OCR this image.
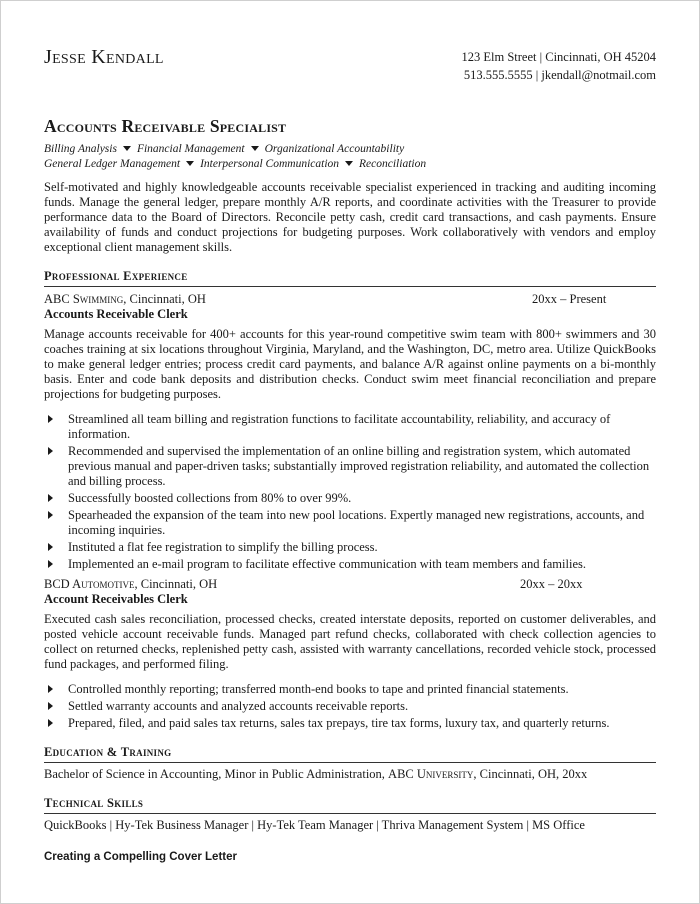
Jesse Kendall	123 Elm Street | Cincinnati, OH 45204
513.555.5555 | jkendall@notmail.com
Accounts Receivable Specialist
Billing Analysis Financial Management Organizational Accountability
General Ledger Management Interpersonal Communication Reconciliation
Self-motivated and highly knowledgeable accounts receivable specialist experienced in tracking and auditing incoming funds. Manage the general ledger, prepare monthly A/R reports, and coordinate activities with the Treasurer to provide performance data to the Board of Directors. Reconcile petty cash, credit card transactions, and cash payments. Ensure availability of funds and conduct projections for budgeting purposes. Work collaboratively with vendors and employ exceptional client management skills.
Professional Experience
ABC Swimming, Cincinnati, OH	20xx – Present
Accounts Receivable Clerk
Manage accounts receivable for 400+ accounts for this year-round competitive swim team with 800+ swimmers and 30 coaches training at six locations throughout Virginia, Maryland, and the Washington, DC, metro area. Utilize QuickBooks to make general ledger entries; process credit card payments, and balance A/R against online payments on a bi-monthly basis. Enter and code bank deposits and distribution checks. Conduct swim meet financial reconciliation and prepare projections for budgeting purposes.
Streamlined all team billing and registration functions to facilitate accountability, reliability, and accuracy of information.
Recommended and supervised the implementation of an online billing and registration system, which automated previous manual and paper-driven tasks; substantially improved registration reliability, and automated the collection and billing process.
Successfully boosted collections from 80% to over 99%.
Spearheaded the expansion of the team into new pool locations. Expertly managed new registrations, accounts, and incoming inquiries.
Instituted a flat fee registration to simplify the billing process.
Implemented an e-mail program to facilitate effective communication with team members and families.
BCD Automotive, Cincinnati, OH	20xx – 20xx
Account Receivables Clerk
Executed cash sales reconciliation, processed checks, created interstate deposits, reported on customer deliverables, and posted vehicle account receivable funds. Managed part refund checks, collaborated with check collection agencies to collect on returned checks, replenished petty cash, assisted with warranty cancellations, recorded vehicle stock, processed fund packages, and performed filing.
Controlled monthly reporting; transferred month-end books to tape and printed financial statements.
Settled warranty accounts and analyzed accounts receivable reports.
Prepared, filed, and paid sales tax returns, sales tax prepays, tire tax forms, luxury tax, and quarterly returns.
Education & Training
Bachelor of Science in Accounting, Minor in Public Administration, ABC University, Cincinnati, OH, 20xx
Technical Skills
QuickBooks | Hy-Tek Business Manager | Hy-Tek Team Manager | Thriva Management System | MS Office
Creating a Compelling Cover Letter
